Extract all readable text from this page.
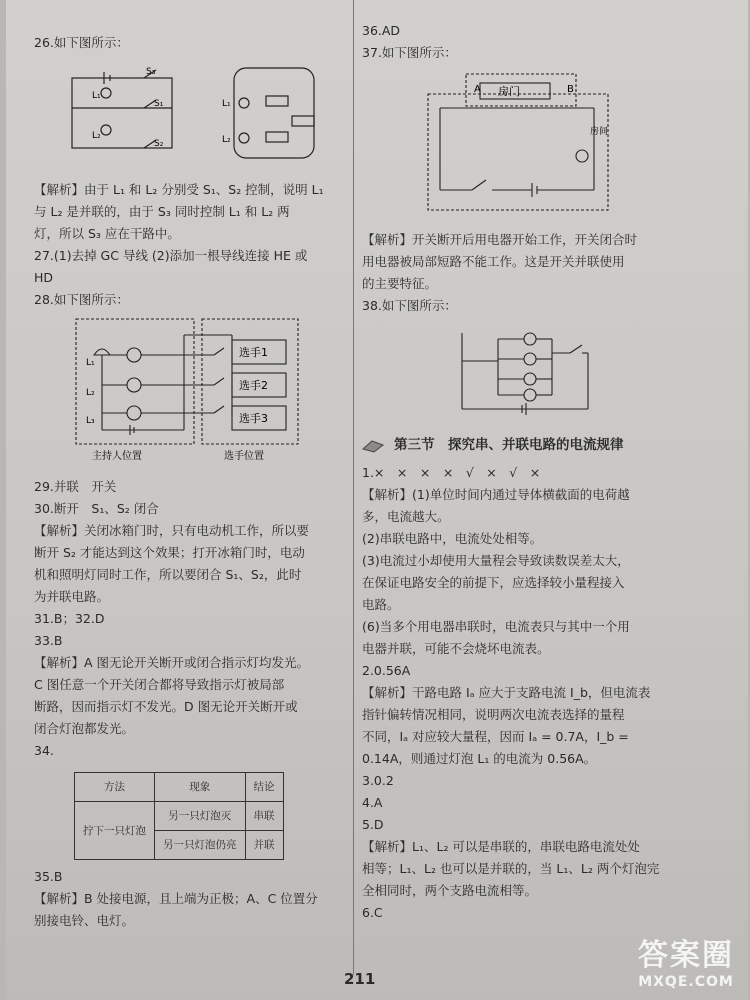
26.如下图所示：
L₁
L₂
S₃
S₁
S₂
L₁
L₂
【解析】由于 L₁ 和 L₂ 分别受 S₁、S₂ 控制，说明 L₁
与 L₂ 是并联的，由于 S₃ 同时控制 L₁ 和 L₂ 两
灯，所以 S₃ 应在干路中。
27.(1)去掉 GC 导线 (2)添加一根导线连接 HE 或
HD
28.如下图所示：
L₁
L₂
L₃
选手1
选手2
选手3
主持人位置	选手位置
29.并联　开关
30.断开　S₁、S₂ 闭合
【解析】关闭冰箱门时，只有电动机工作，所以要
断开 S₂ 才能达到这个效果；打开冰箱门时，电动
机和照明灯同时工作，所以要闭合 S₁、S₂，此时
为并联电路。
31.B；32.D
33.B
【解析】A 图无论开关断开或闭合指示灯均发光。
C 图任意一个开关闭合都将导致指示灯被局部
断路，因而指示灯不发光。D 图无论开关断开或
闭合灯泡都发光。
34.
方法	现象	结论
拧下一只灯泡	另一只灯泡灭	串联
	另一只灯泡仍亮	并联
35.B
【解析】B 处接电源，且上端为正极；A、C 位置分
别接电铃、电灯。
36.AD
37.如下图所示：
A	B
房门
房间
【解析】开关断开后用电器开始工作，开关闭合时
用电器被局部短路不能工作。这是开关并联使用
的主要特征。
38.如下图所示：
第三节　探究串、并联电路的电流规律
1.×　×　×　×　√　×　√　×
【解析】(1)单位时间内通过导体横截面的电荷越
多，电流越大。
(2)串联电路中，电流处处相等。
(3)电流过小却使用大量程会导致读数误差太大，
在保证电路安全的前提下，应选择较小量程接入
电路。
(6)当多个用电器串联时，电流表只与其中一个用
电器并联，可能不会烧坏电流表。
2.0.56A
【解析】干路电路 Iₐ 应大于支路电流 I_b，但电流表
指针偏转情况相同，说明两次电流表选择的量程
不同，Iₐ 对应较大量程，因而 Iₐ = 0.7A，I_b =
0.14A，则通过灯泡 L₁ 的电流为 0.56A。
3.0.2
4.A
5.D
【解析】L₁、L₂ 可以是串联的，串联电路电流处处
相等；L₁、L₂ 也可以是并联的，当 L₁、L₂ 两个灯泡完
全相同时，两个支路电流相等。
6.C
211
答案圈
MXQE.COM
